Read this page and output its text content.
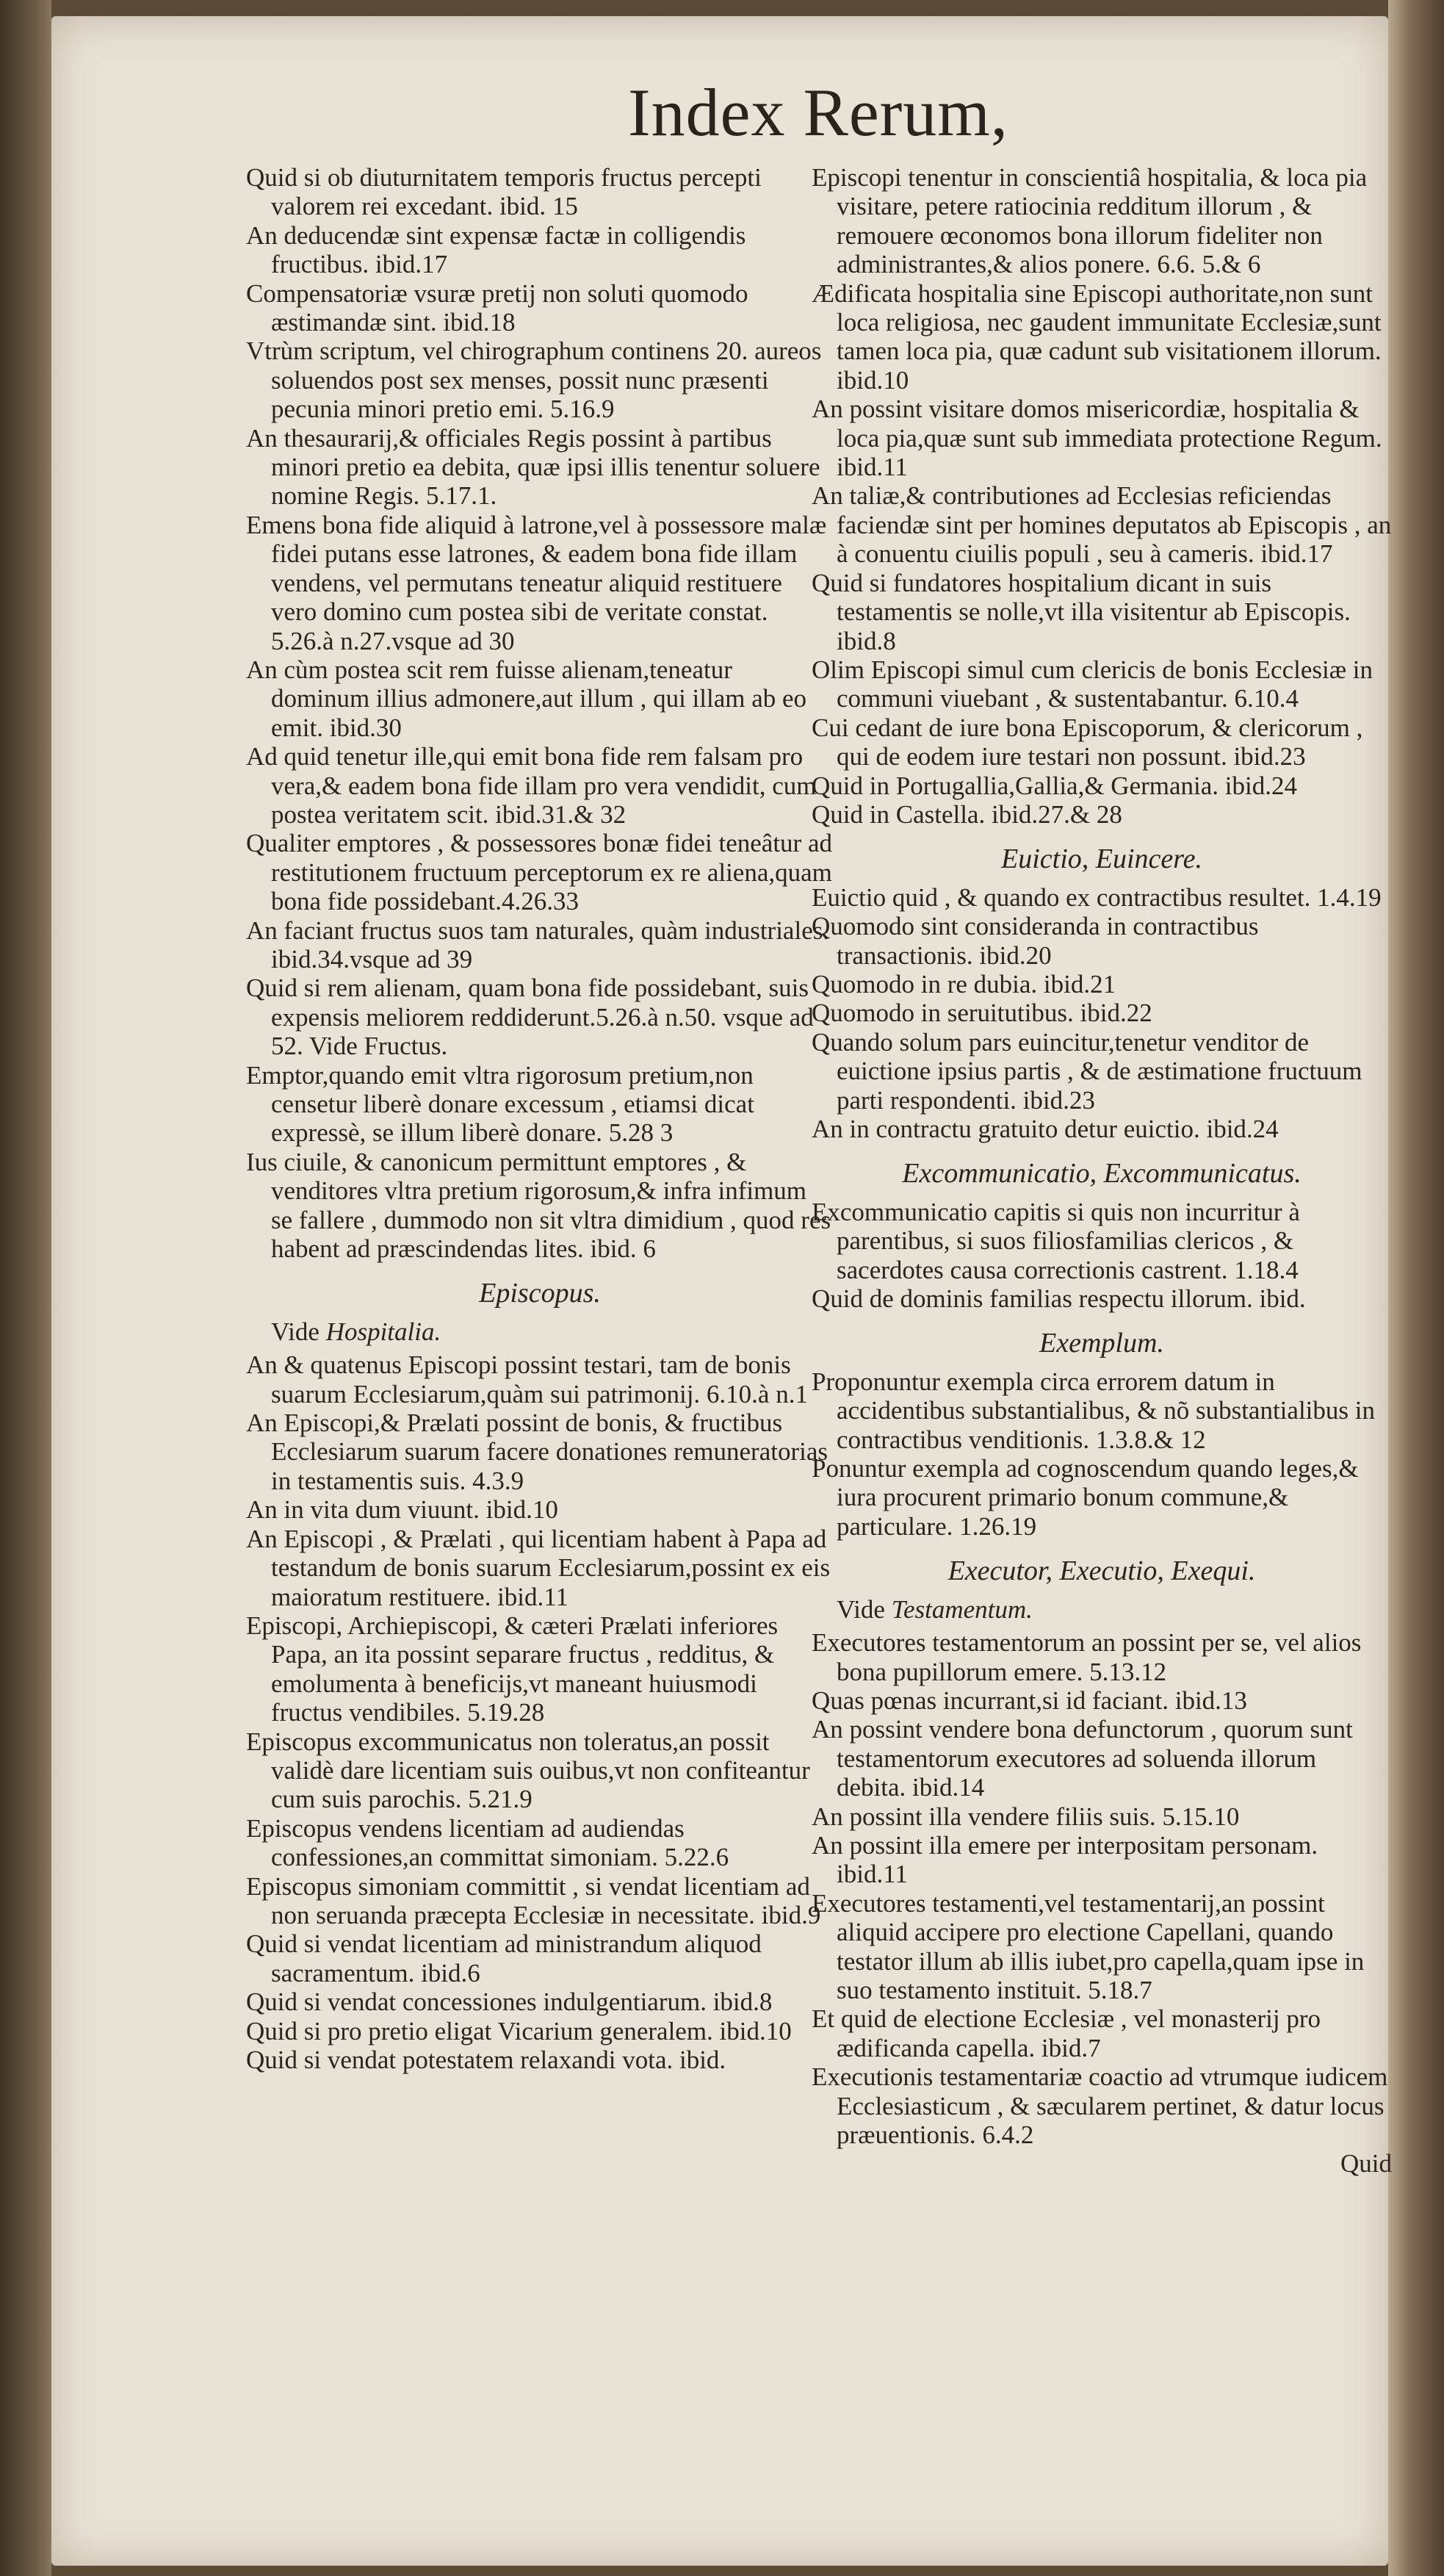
Index Rerum,
Quid si ob diuturnitatem temporis fructus percepti valorem rei excedant. ibid. 15
An deducendæ sint expensæ factæ in colligendis fructibus. ibid.17
Compensatoriæ vsuræ pretij non soluti quomodo æstimandæ sint. ibid.18
Vtrùm scriptum, vel chirographum continens 20. aureos soluendos post sex menses, possit nunc præsenti pecunia minori pretio emi. 5.16.9
An thesaurarij,& officiales Regis possint à partibus minori pretio ea debita, quæ ipsi illis tenentur soluere nomine Regis. 5.17.1.
Emens bona fide aliquid à latrone,vel à possessore malæ fidei putans esse latrones, & eadem bona fide illam vendens, vel permutans teneatur aliquid restituere vero domino cum postea sibi de veritate constat. 5.26.à n.27.vsque ad 30
An cùm postea scit rem fuisse alienam,teneatur dominum illius admonere,aut illum , qui illam ab eo emit. ibid.30
Ad quid tenetur ille,qui emit bona fide rem falsam pro vera,& eadem bona fide illam pro vera vendidit, cum postea veritatem scit. ibid.31.& 32
Qualiter emptores , & possessores bonæ fidei teneâtur ad restitutionem fructuum perceptorum ex re aliena,quam bona fide possidebant.4.26.33
An faciant fructus suos tam naturales, quàm industriales. ibid.34.vsque ad 39
Quid si rem alienam, quam bona fide possidebant, suis expensis meliorem reddiderunt.5.26.à n.50. vsque ad 52. Vide Fructus.
Emptor,quando emit vltra rigorosum pretium,non censetur liberè donare excessum , etiamsi dicat expressè, se illum liberè donare. 5.28 3
Ius ciuile, & canonicum permittunt emptores , & venditores vltra pretium rigorosum,& infra infimum se fallere , dummodo non sit vltra dimidium , quod res habent ad præscindendas lites. ibid. 6
Episcopus.
Vide Hospitalia.
An & quatenus Episcopi possint testari, tam de bonis suarum Ecclesiarum,quàm sui patrimonij. 6.10.à n.1
An Episcopi,& Prælati possint de bonis, & fructibus Ecclesiarum suarum facere donationes remuneratorias in testamentis suis. 4.3.9
An in vita dum viuunt. ibid.10
An Episcopi , & Prælati , qui licentiam habent à Papa ad testandum de bonis suarum Ecclesiarum,possint ex eis maioratum restituere. ibid.11
Episcopi, Archiepiscopi, & cæteri Prælati inferiores Papa, an ita possint separare fructus , redditus, & emolumenta à beneficijs,vt maneant huiusmodi fructus vendibiles. 5.19.28
Episcopus excommunicatus non toleratus,an possit validè dare licentiam suis ouibus,vt non confiteantur cum suis parochis. 5.21.9
Episcopus vendens licentiam ad audiendas confessiones,an committat simoniam. 5.22.6
Episcopus simoniam committit , si vendat licentiam ad non seruanda præcepta Ecclesiæ in necessitate. ibid.9
Quid si vendat licentiam ad ministrandum aliquod sacramentum. ibid.6
Quid si vendat concessiones indulgentiarum. ibid.8
Quid si pro pretio eligat Vicarium generalem. ibid.10
Quid si vendat potestatem relaxandi vota. ibid.
Episcopi tenentur in conscientiâ hospitalia, & loca pia visitare, petere ratiocinia redditum illorum , & remouere œconomos bona illorum fideliter non administrantes,& alios ponere. 6.6. 5.& 6
Ædificata hospitalia sine Episcopi authoritate,non sunt loca religiosa, nec gaudent immunitate Ecclesiæ,sunt tamen loca pia, quæ cadunt sub visitationem illorum. ibid.10
An possint visitare domos misericordiæ, hospitalia & loca pia,quæ sunt sub immediata protectione Regum. ibid.11
An taliæ,& contributiones ad Ecclesias reficiendas faciendæ sint per homines deputatos ab Episcopis , an à conuentu ciuilis populi , seu à cameris. ibid.17
Quid si fundatores hospitalium dicant in suis testamentis se nolle,vt illa visitentur ab Episcopis. ibid.8
Olim Episcopi simul cum clericis de bonis Ecclesiæ in communi viuebant , & sustentabantur. 6.10.4
Cui cedant de iure bona Episcoporum, & clericorum , qui de eodem iure testari non possunt. ibid.23
Quid in Portugallia,Gallia,& Germania. ibid.24
Quid in Castella. ibid.27.& 28
Euictio, Euincere.
Euictio quid , & quando ex contractibus resultet. 1.4.19
Quomodo sint consideranda in contractibus transactionis. ibid.20
Quomodo in re dubia. ibid.21
Quomodo in seruitutibus. ibid.22
Quando solum pars euincitur,tenetur venditor de euictione ipsius partis , & de æstimatione fructuum parti respondenti. ibid.23
An in contractu gratuito detur euictio. ibid.24
Excommunicatio, Excommunicatus.
Excommunicatio capitis si quis non incurritur à parentibus, si suos filiosfamilias clericos , & sacerdotes causa correctionis castrent. 1.18.4
Quid de dominis familias respectu illorum. ibid.
Exemplum.
Proponuntur exempla circa errorem datum in accidentibus substantialibus, & nõ substantialibus in contractibus venditionis. 1.3.8.& 12
Ponuntur exempla ad cognoscendum quando leges,& iura procurent primario bonum commune,& particulare. 1.26.19
Executor, Executio, Exequi.
Vide Testamentum.
Executores testamentorum an possint per se, vel alios bona pupillorum emere. 5.13.12
Quas pœnas incurrant,si id faciant. ibid.13
An possint vendere bona defunctorum , quorum sunt testamentorum executores ad soluenda illorum debita. ibid.14
An possint illa vendere filiis suis. 5.15.10
An possint illa emere per interpositam personam. ibid.11
Executores testamenti,vel testamentarij,an possint aliquid accipere pro electione Capellani, quando testator illum ab illis iubet,pro capella,quam ipse in suo testamento instituit. 5.18.7
Et quid de electione Ecclesiæ , vel monasterij pro ædificanda capella. ibid.7
Executionis testamentariæ coactio ad vtrumque iudicem Ecclesiasticum , & sæcularem pertinet, & datur locus præuentionis. 6.4.2
Quid
